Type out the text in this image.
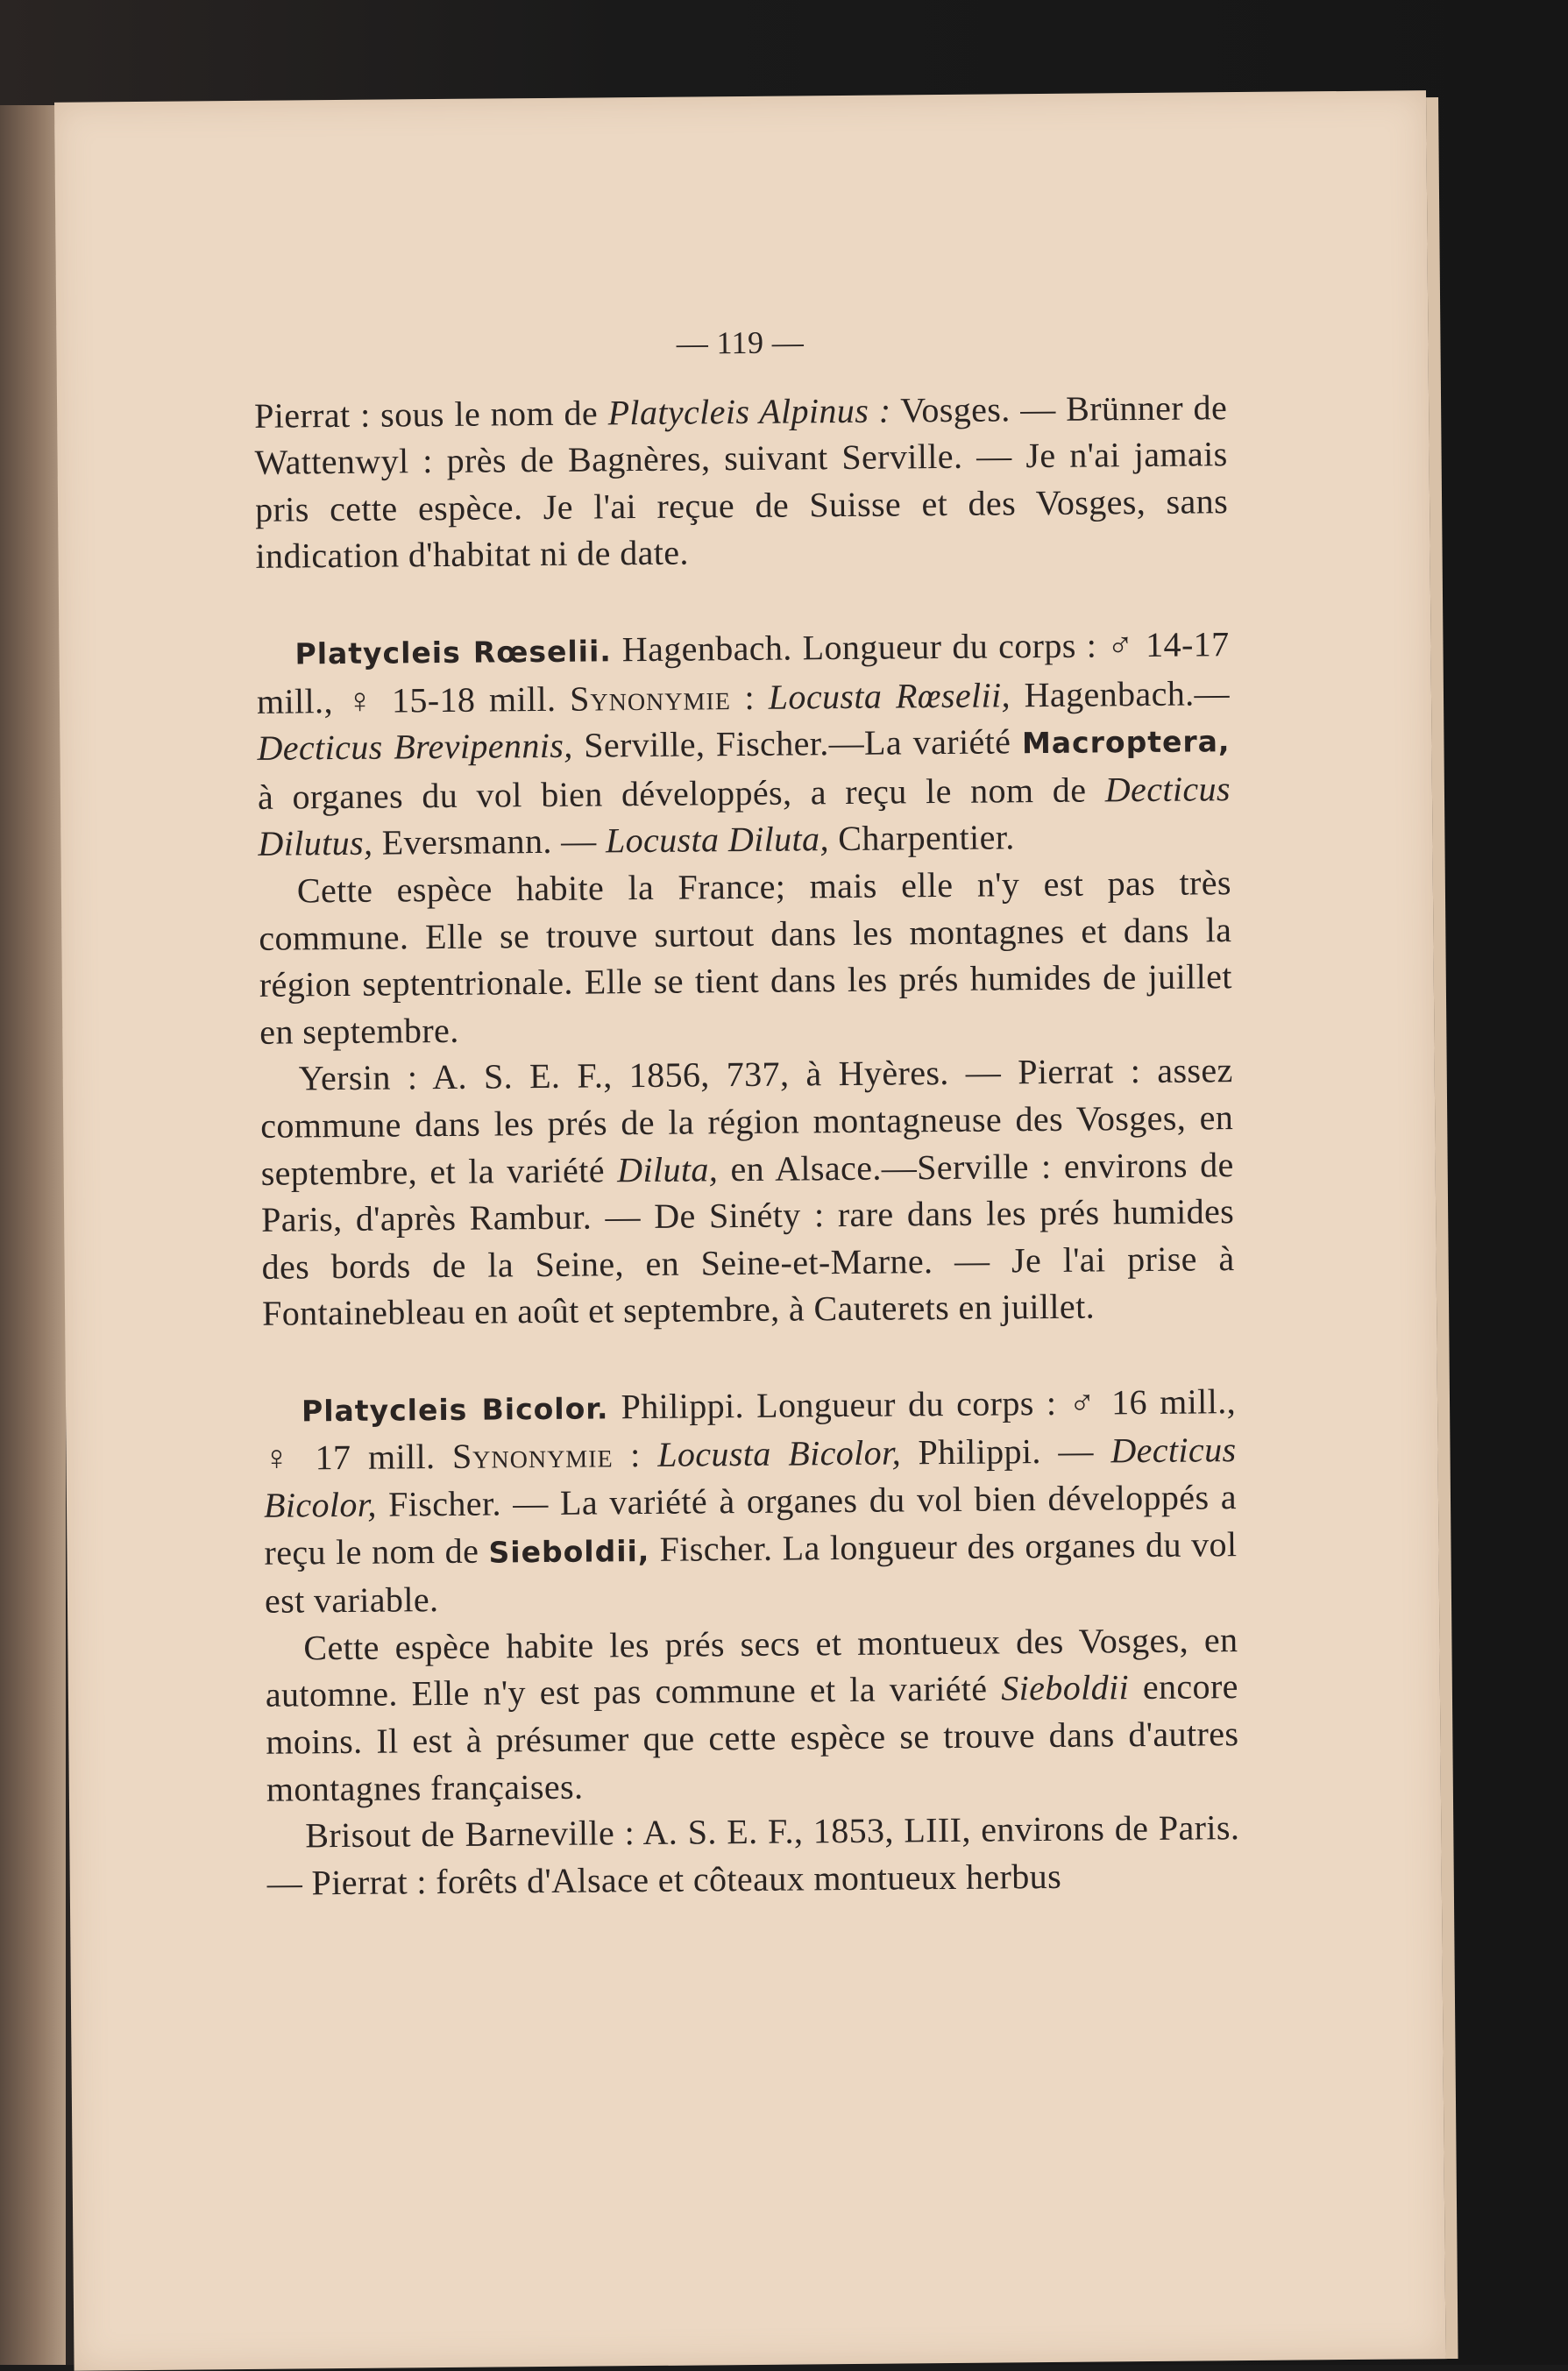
— 119 —

Pierrat : sous le nom de Platycleis Alpinus : Vosges. — Brünner de Wattenwyl : près de Bagnères, suivant Serville. — Je n'ai jamais pris cette espèce. Je l'ai reçue de Suisse et des Vosges, sans indication d'habitat ni de date.

Platycleis Rœselii. Hagenbach. Longueur du corps : ♂ 14-17 mill., ♀ 15-18 mill. Synonymie : Locusta Rœselii, Hagenbach.—Decticus Brevipennis, Serville, Fischer.—La variété Macroptera, à organes du vol bien développés, a reçu le nom de Decticus Dilutus, Eversmann. — Locusta Diluta, Charpentier.

Cette espèce habite la France; mais elle n'y est pas très commune. Elle se trouve surtout dans les montagnes et dans la région septentrionale. Elle se tient dans les prés humides de juillet en septembre.

Yersin : A. S. E. F., 1856, 737, à Hyères. — Pierrat : assez commune dans les prés de la région montagneuse des Vosges, en septembre, et la variété Diluta, en Alsace.—Serville : environs de Paris, d'après Rambur. — De Sinéty : rare dans les prés humides des bords de la Seine, en Seine-et-Marne. — Je l'ai prise à Fontainebleau en août et septembre, à Cauterets en juillet.

Platycleis Bicolor. Philippi. Longueur du corps : ♂ 16 mill., ♀ 17 mill. Synonymie : Locusta Bicolor, Philippi. — Decticus Bicolor, Fischer. — La variété à organes du vol bien développés a reçu le nom de Sieboldii, Fischer. La longueur des organes du vol est variable.

Cette espèce habite les prés secs et montueux des Vosges, en automne. Elle n'y est pas commune et la variété Sieboldii encore moins. Il est à présumer que cette espèce se trouve dans d'autres montagnes françaises.

Brisout de Barneville : A. S. E. F., 1853, LIII, environs de Paris. — Pierrat : forêts d'Alsace et côteaux montueux herbus
